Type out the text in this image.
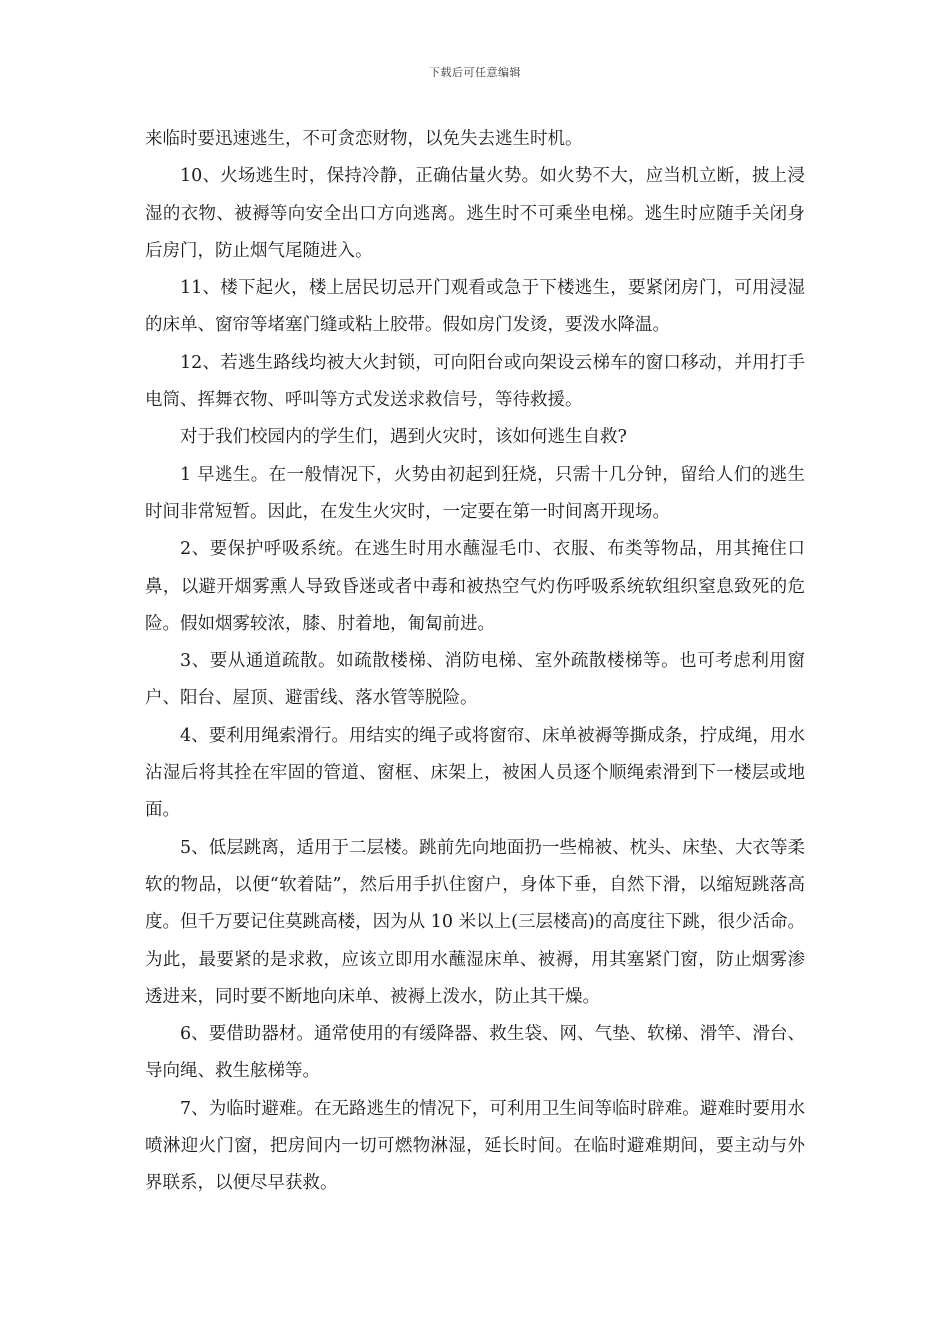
下载后可任意编辑

来临时要迅速逃生，不可贪恋财物，以免失去逃生时机。

10、火场逃生时，保持冷静，正确估量火势。如火势不大，应当机立断，披上浸湿的衣物、被褥等向安全出口方向逃离。逃生时不可乘坐电梯。逃生时应随手关闭身后房门，防止烟气尾随进入。

11、楼下起火，楼上居民切忌开门观看或急于下楼逃生，要紧闭房门，可用浸湿的床单、窗帘等堵塞门缝或粘上胶带。假如房门发烫，要泼水降温。

12、若逃生路线均被大火封锁，可向阳台或向架设云梯车的窗口移动，并用打手电筒、挥舞衣物、呼叫等方式发送求救信号，等待救援。

对于我们校园内的学生们，遇到火灾时，该如何逃生自救?

1 早逃生。在一般情况下，火势由初起到狂烧，只需十几分钟，留给人们的逃生时间非常短暂。因此，在发生火灾时，一定要在第一时间离开现场。

2、要保护呼吸系统。在逃生时用水蘸湿毛巾、衣服、布类等物品，用其掩住口鼻，以避开烟雾熏人导致昏迷或者中毒和被热空气灼伤呼吸系统软组织窒息致死的危险。假如烟雾较浓，膝、肘着地，匍匐前进。

3、要从通道疏散。如疏散楼梯、消防电梯、室外疏散楼梯等。也可考虑利用窗户、阳台、屋顶、避雷线、落水管等脱险。

4、要利用绳索滑行。用结实的绳子或将窗帘、床单被褥等撕成条，拧成绳，用水沾湿后将其拴在牢固的管道、窗框、床架上，被困人员逐个顺绳索滑到下一楼层或地面。

5、低层跳离，适用于二层楼。跳前先向地面扔一些棉被、枕头、床垫、大衣等柔软的物品，以便“软着陆”，然后用手扒住窗户，身体下垂，自然下滑，以缩短跳落高度。但千万要记住莫跳高楼，因为从 10 米以上(三层楼高)的高度往下跳，很少活命。为此，最要紧的是求救，应该立即用水蘸湿床单、被褥，用其塞紧门窗，防止烟雾渗透进来，同时要不断地向床单、被褥上泼水，防止其干燥。

6、要借助器材。通常使用的有缓降器、救生袋、网、气垫、软梯、滑竿、滑台、导向绳、救生舷梯等。

7、为临时避难。在无路逃生的情况下，可利用卫生间等临时辟难。避难时要用水喷淋迎火门窗，把房间内一切可燃物淋湿，延长时间。在临时避难期间，要主动与外界联系，以便尽早获救。
